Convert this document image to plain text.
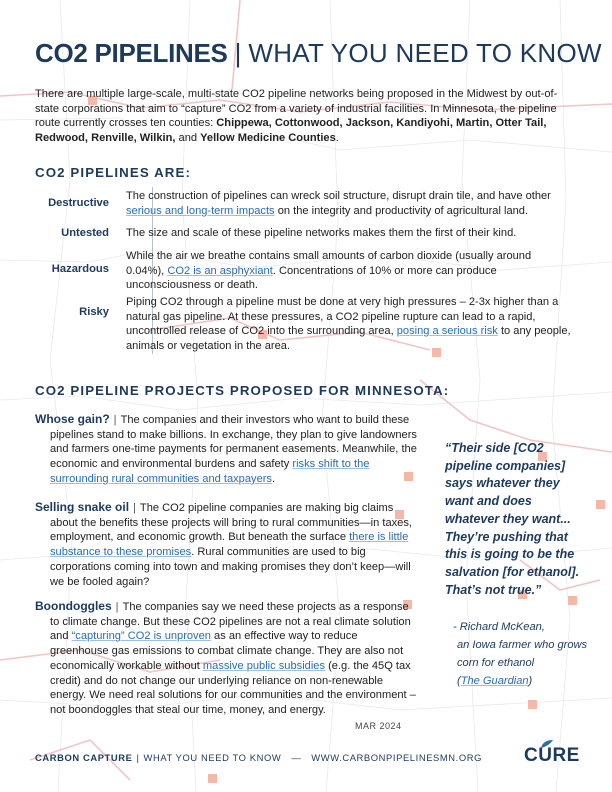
CO2 PIPELINES | WHAT YOU NEED TO KNOW
There are multiple large-scale, multi-state CO2 pipeline networks being proposed in the Midwest by out-of-state corporations that aim to “capture” CO2 from a variety of industrial facilities. In Minnesota, the pipeline route currently crosses ten counties: Chippewa, Cottonwood, Jackson, Kandiyohi, Martin, Otter Tail, Redwood, Renville, Wilkin, and Yellow Medicine Counties.
CO2 PIPELINES ARE:
Destructive
The construction of pipelines can wreck soil structure, disrupt drain tile, and have other serious and long-term impacts on the integrity and productivity of agricultural land.
Untested The size and scale of these pipeline networks makes them the first of their kind.
Hazardous
While the air we breathe contains small amounts of carbon dioxide (usually around 0.04%), CO2 is an asphyxiant. Concentrations of 10% or more can produce unconsciousness or death.
Risky
Piping CO2 through a pipeline must be done at very high pressures – 2-3x higher than a natural gas pipeline. At these pressures, a CO2 pipeline rupture can lead to a rapid, uncontrolled release of CO2 into the surrounding area, posing a serious risk to any people, animals or vegetation in the area.
CO2 PIPELINE PROJECTS PROPOSED FOR MINNESOTA:
Whose gain? | The companies and their investors who want to build these pipelines stand to make billions. In exchange, they plan to give landowners and farmers one-time payments for permanent easements. Meanwhile, the economic and environmental burdens and safety risks shift to the surrounding rural communities and taxpayers.
Selling snake oil | The CO2 pipeline companies are making big claims about the benefits these projects will bring to rural communities—in taxes, employment, and economic growth. But beneath the surface there is little substance to these promises. Rural communities are used to big corporations coming into town and making promises they don’t keep—will we be fooled again?
Boondoggles | The companies say we need these projects as a response to climate change. But these CO2 pipelines are not a real climate solution and “capturing” CO2 is unproven as an effective way to reduce greenhouse gas emissions to combat climate change. They are also not economically workable without massive public subsidies (e.g. the 45Q tax credit) and do not change our underlying reliance on non-renewable energy. We need real solutions for our communities and the environment – not boondoggles that steal our time, money, and energy.
“Their side [CO2 pipeline companies] says whatever they want and does whatever they want... They’re pushing that this is going to be the salvation [for ethanol]. That’s not true.”
- Richard McKean,
an Iowa farmer who grows corn for ethanol
(The Guardian)
MAR 2024
CARBON CAPTURE | WHAT YOU NEED TO KNOW — WWW.CARBONPIPELINESMN.ORG CURE
